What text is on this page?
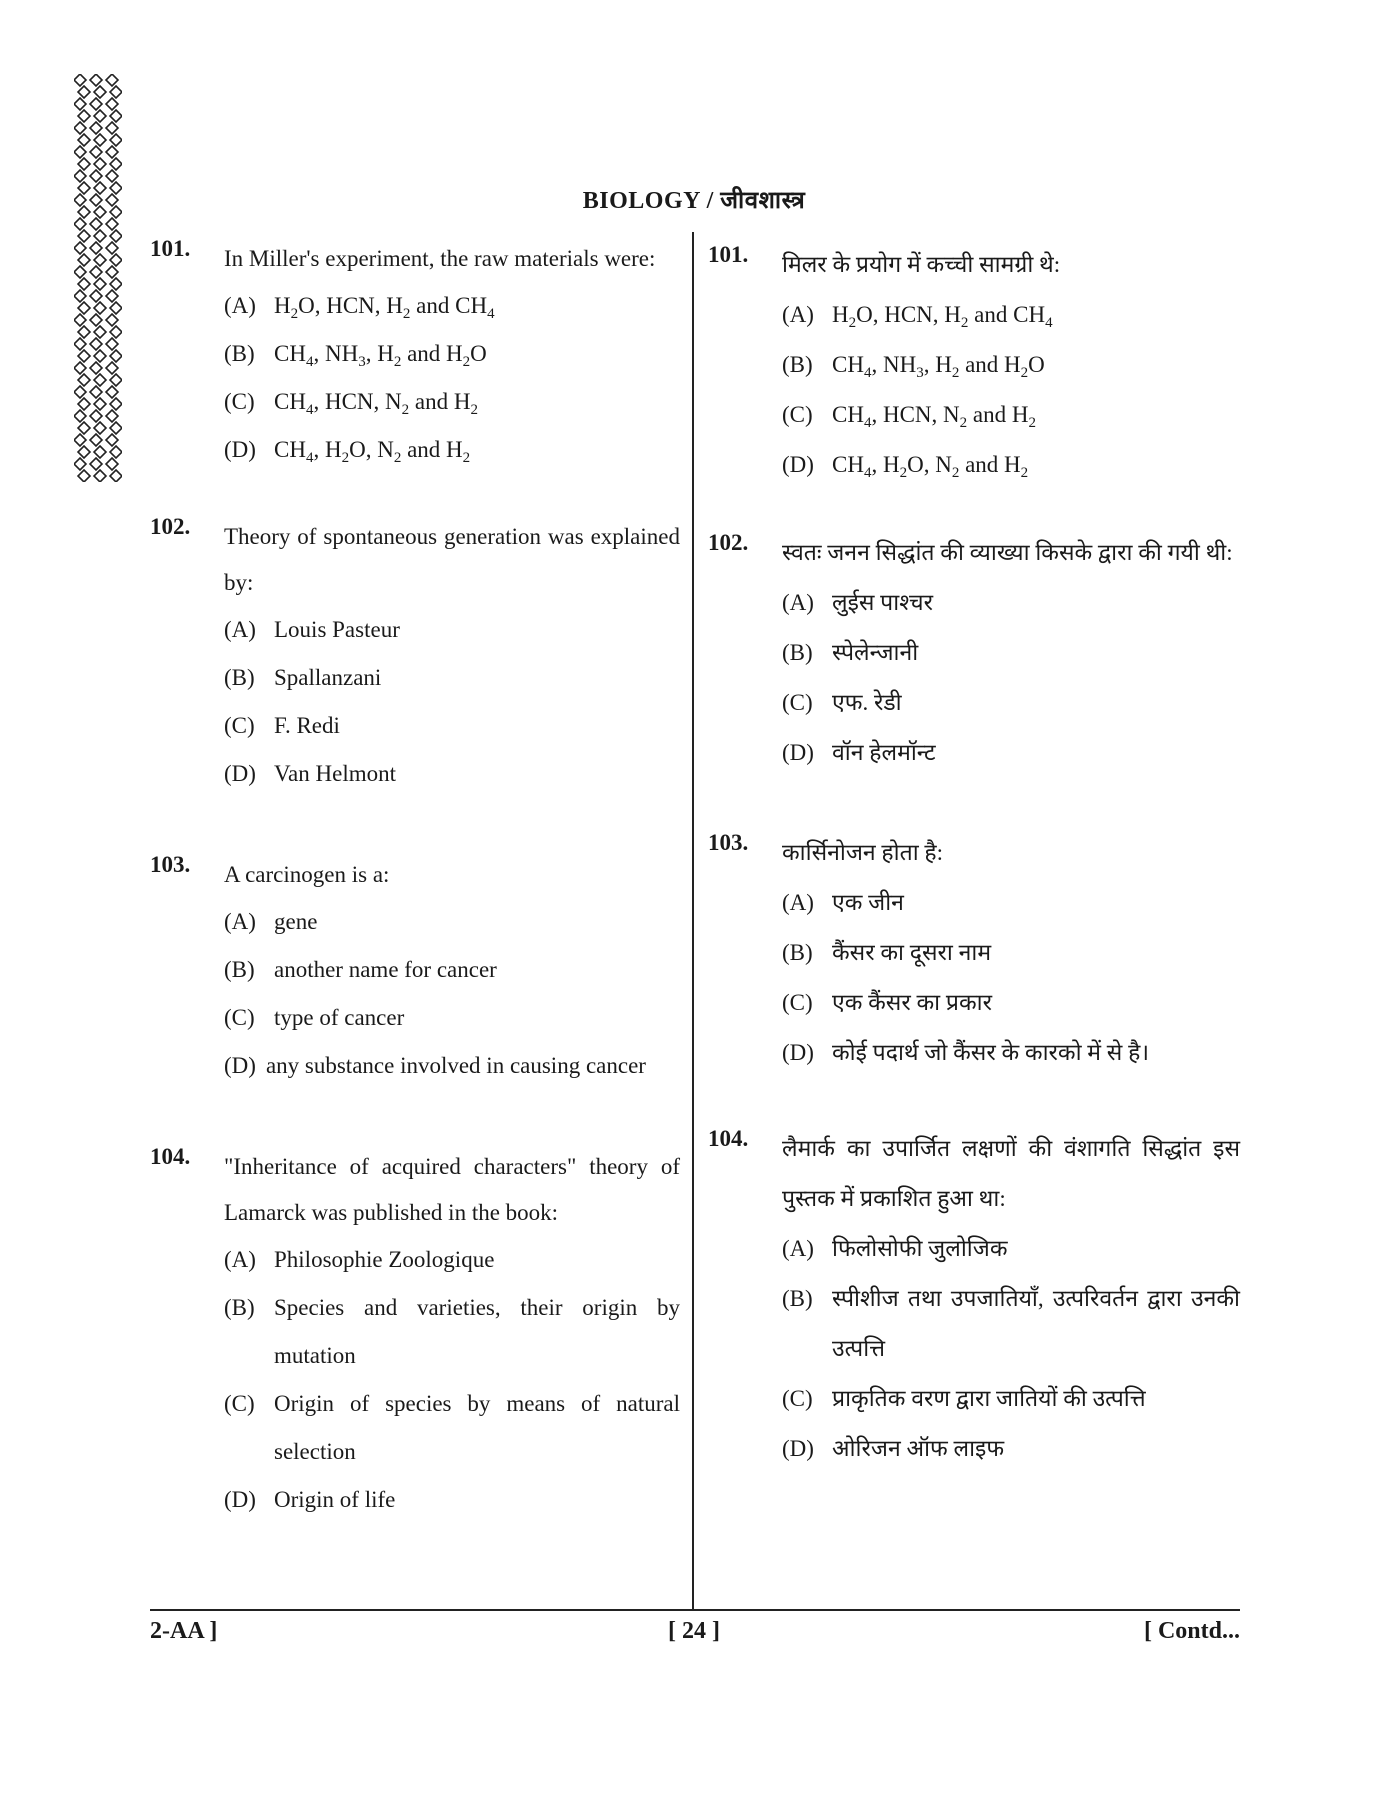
BIOLOGY / जीवशास्त्र
101. In Miller's experiment, the raw materials were:
(A) $H_2O$, HCN, $H_2$ and $CH_4$
(B) $CH_4$, $NH_3$, $H_2$ and $H_2O$
(C) $CH_4$, HCN, $N_2$ and $H_2$
(D) $CH_4$, $H_2O$, $N_2$ and $H_2$
102. Theory of spontaneous generation was explained by:
(A) Louis Pasteur
(B) Spallanzani
(C) F. Redi
(D) Van Helmont
103. A carcinogen is a:
(A) gene
(B) another name for cancer
(C) type of cancer
(D) any substance involved in causing cancer
104. "Inheritance of acquired characters" theory of Lamarck was published in the book:
(A) Philosophie Zoologique
(B) Species and varieties, their origin by mutation
(C) Origin of species by means of natural selection
(D) Origin of life
101. मिलर के प्रयोग में कच्ची सामग्री थे:
(A) $H_2O$, HCN, $H_2$ and $CH_4$
(B) $CH_4$, $NH_3$, $H_2$ and $H_2O$
(C) $CH_4$, HCN, $N_2$ and $H_2$
(D) $CH_4$, $H_2O$, $N_2$ and $H_2$
102. स्वतः जनन सिद्धांत की व्याख्या किसके द्वारा की गयी थी:
(A) लुईस पाश्चर
(B) स्पेलेन्जानी
(C) एफ. रेडी
(D) वॉन हेलमॉन्ट
103. कार्सिनोजन होता है:
(A) एक जीन
(B) कैंसर का दूसरा नाम
(C) एक कैंसर का प्रकार
(D) कोई पदार्थ जो कैंसर के कारको में से है।
104. लैमार्क का उपार्जित लक्षणों की वंशागति सिद्धांत इस पुस्तक में प्रकाशित हुआ था:
(A) फिलोसोफी जुलोजिक
(B) स्पीशीज तथा उपजातियाँ, उत्परिवर्तन द्वारा उनकी उत्पत्ति
(C) प्राकृतिक वरण द्वारा जातियों की उत्पत्ति
(D) ओरिजन ऑफ लाइफ
2-AA ]	[ 24 ]	[ Contd...
